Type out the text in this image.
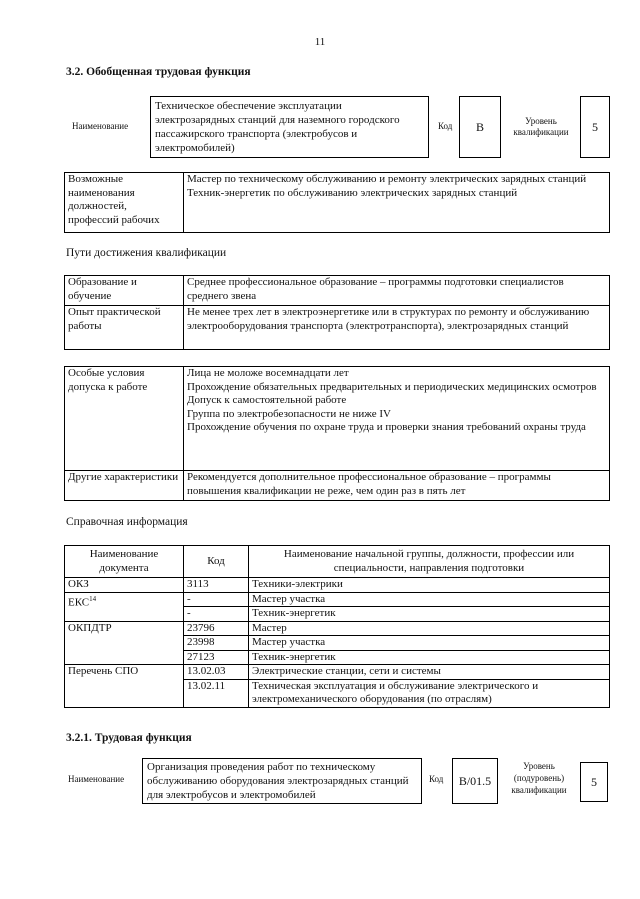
11
3.2. Обобщенная трудовая функция
Наименование
Техническое обеспечение эксплуатации электрозарядных станций для наземного городского пассажирского транспорта (электробусов и электромобилей)
Код	B	Уровень квалификации	5
Возможные наименования должностей, профессий рабочих	
Мастер по техническому обслуживанию и ремонту электрических зарядных станций
Техник-энергетик по обслуживанию электрических зарядных станций
Пути достижения квалификации
Образование и обучение	Среднее профессиональное образование – программы подготовки специалистов среднего звена
Опыт практической работы	Не менее трех лет в электроэнергетике или в структурах по ремонту и обслуживанию электрооборудования транспорта (электротранспорта), электрозарядных станций
Особые условия допуска к работе	Лица не моложе восемнадцати лет
Прохождение обязательных предварительных и периодических медицинских осмотров
Допуск к самостоятельной работе
Группа по электробезопасности не ниже IV
Прохождение обучения по охране труда и проверки знания требований охраны труда

Другие характеристики	Рекомендуется дополнительное профессиональное образование – программы повышения квалификации не реже, чем один раз в пять лет
Справочная информация
Наименование документа	Код	Наименование начальной группы, должности, профессии или специальности, направления подготовки
ОКЗ	3113	Техники-электрики
ЕКС$^{14}$	-	Мастер участка
	-	Техник-энергетик
ОКПДТР	23796	Мастер
	23998	Мастер участка
	27123	Техник-энергетик
Перечень СПО	13.02.03	Электрические станции, сети и системы
	13.02.11	Техническая эксплуатация и обслуживание электрического и электромеханического оборудования (по отраслям)
3.2.1. Трудовая функция
Наименование
Организация проведения работ по техническому обслуживанию оборудования электрозарядных станций для электробусов и электромобилей
Код	B/01.5
Уровень (подуровень) квалификации
5
